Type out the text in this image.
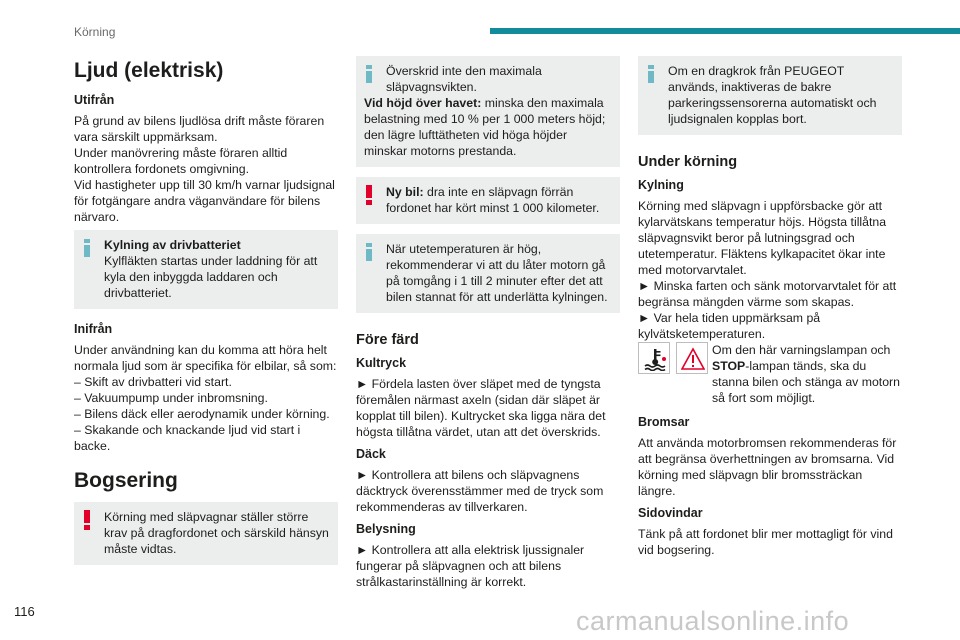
Körning
Ljud (elektrisk)
Utifrån
På grund av bilens ljudlösa drift måste föraren vara särskilt uppmärksam.
Under manövrering måste föraren alltid kontrollera fordonets omgivning.
Vid hastigheter upp till 30 km/h varnar ljudsignal för fotgängare andra väganvändare för bilens närvaro.
Kylning av drivbatteriet
Kylfläkten startas under laddning för att kyla den inbyggda laddaren och drivbatteriet.
Inifrån
Under användning kan du komma att höra helt normala ljud som är specifika för elbilar, så som:
– Skift av drivbatteri vid start.
– Vakuumpump under inbromsning.
– Bilens däck eller aerodynamik under körning.
– Skakande och knackande ljud vid start i backe.
Bogsering
Körning med släpvagnar ställer större krav på dragfordonet och särskild hänsyn måste vidtas.
Överskrid inte den maximala släpvagnsvikten.
Vid höjd över havet: minska den maximala belastning med 10 % per 1 000 meters höjd; den lägre lufttätheten vid höga höjder minskar motorns prestanda.
Ny bil: dra inte en släpvagn förrän fordonet har kört minst 1 000 kilometer.
När utetemperaturen är hög, rekommenderar vi att du låter motorn gå på tomgång i 1 till 2 minuter efter det att bilen stannat för att underlätta kylningen.
Före färd
Kultryck
► Fördela lasten över släpet med de tyngsta föremålen närmast axeln (sidan där släpet är kopplat till bilen). Kultrycket ska ligga nära det högsta tillåtna värdet, utan att det överskrids.
Däck
► Kontrollera att bilens och släpvagnens däcktryck överensstämmer med de tryck som rekommenderas av tillverkaren.
Belysning
► Kontrollera att alla elektrisk ljussignaler fungerar på släpvagnen och att bilens strålkastarinställning är korrekt.
Om en dragkrok från PEUGEOT används, inaktiveras de bakre parkeringssensorerna automatiskt och ljudsignalen kopplas bort.
Under körning
Kylning
Körning med släpvagn i uppförsbacke gör att kylarvätskans temperatur höjs. Högsta tillåtna släpvagnsvikt beror på lutningsgrad och utetemperatur. Fläktens kylkapacitet ökar inte med motorvarvtalet.
► Minska farten och sänk motorvarvtalet för att begränsa mängden värme som skapas.
► Var hela tiden uppmärksam på kylvätsketemperaturen.
Om den här varningslampan och STOP-lampan tänds, ska du stanna bilen och stänga av motorn så fort som möjligt.
Bromsar
Att använda motorbromsen rekommenderas för att begränsa överhettningen av bromsarna. Vid körning med släpvagn blir bromssträckan längre.
Sidovindar
Tänk på att fordonet blir mer mottagligt för vind vid bogsering.
116	carmanualsonline.info
